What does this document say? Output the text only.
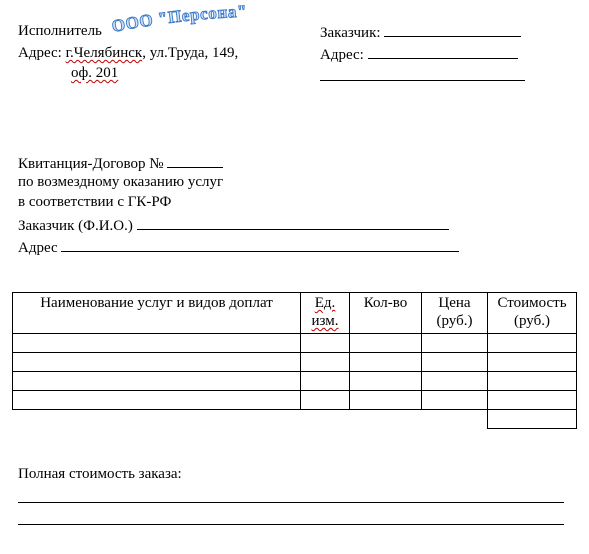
Исполнитель ООО "Персона"
Адрес: г.Челябинск, ул.Труда, 149,
оф. 201
Заказчик:
Адрес:
Квитанция-Договор №
по возмездному оказанию услуг
в соответствии с ГК-РФ
Заказчик (Ф.И.О.)
Адрес
Наименование услуг и видов доплат	Ед. изм.	Кол-во	Цена (руб.)	Стоимость (руб.)

Полная стоимость заказа:
